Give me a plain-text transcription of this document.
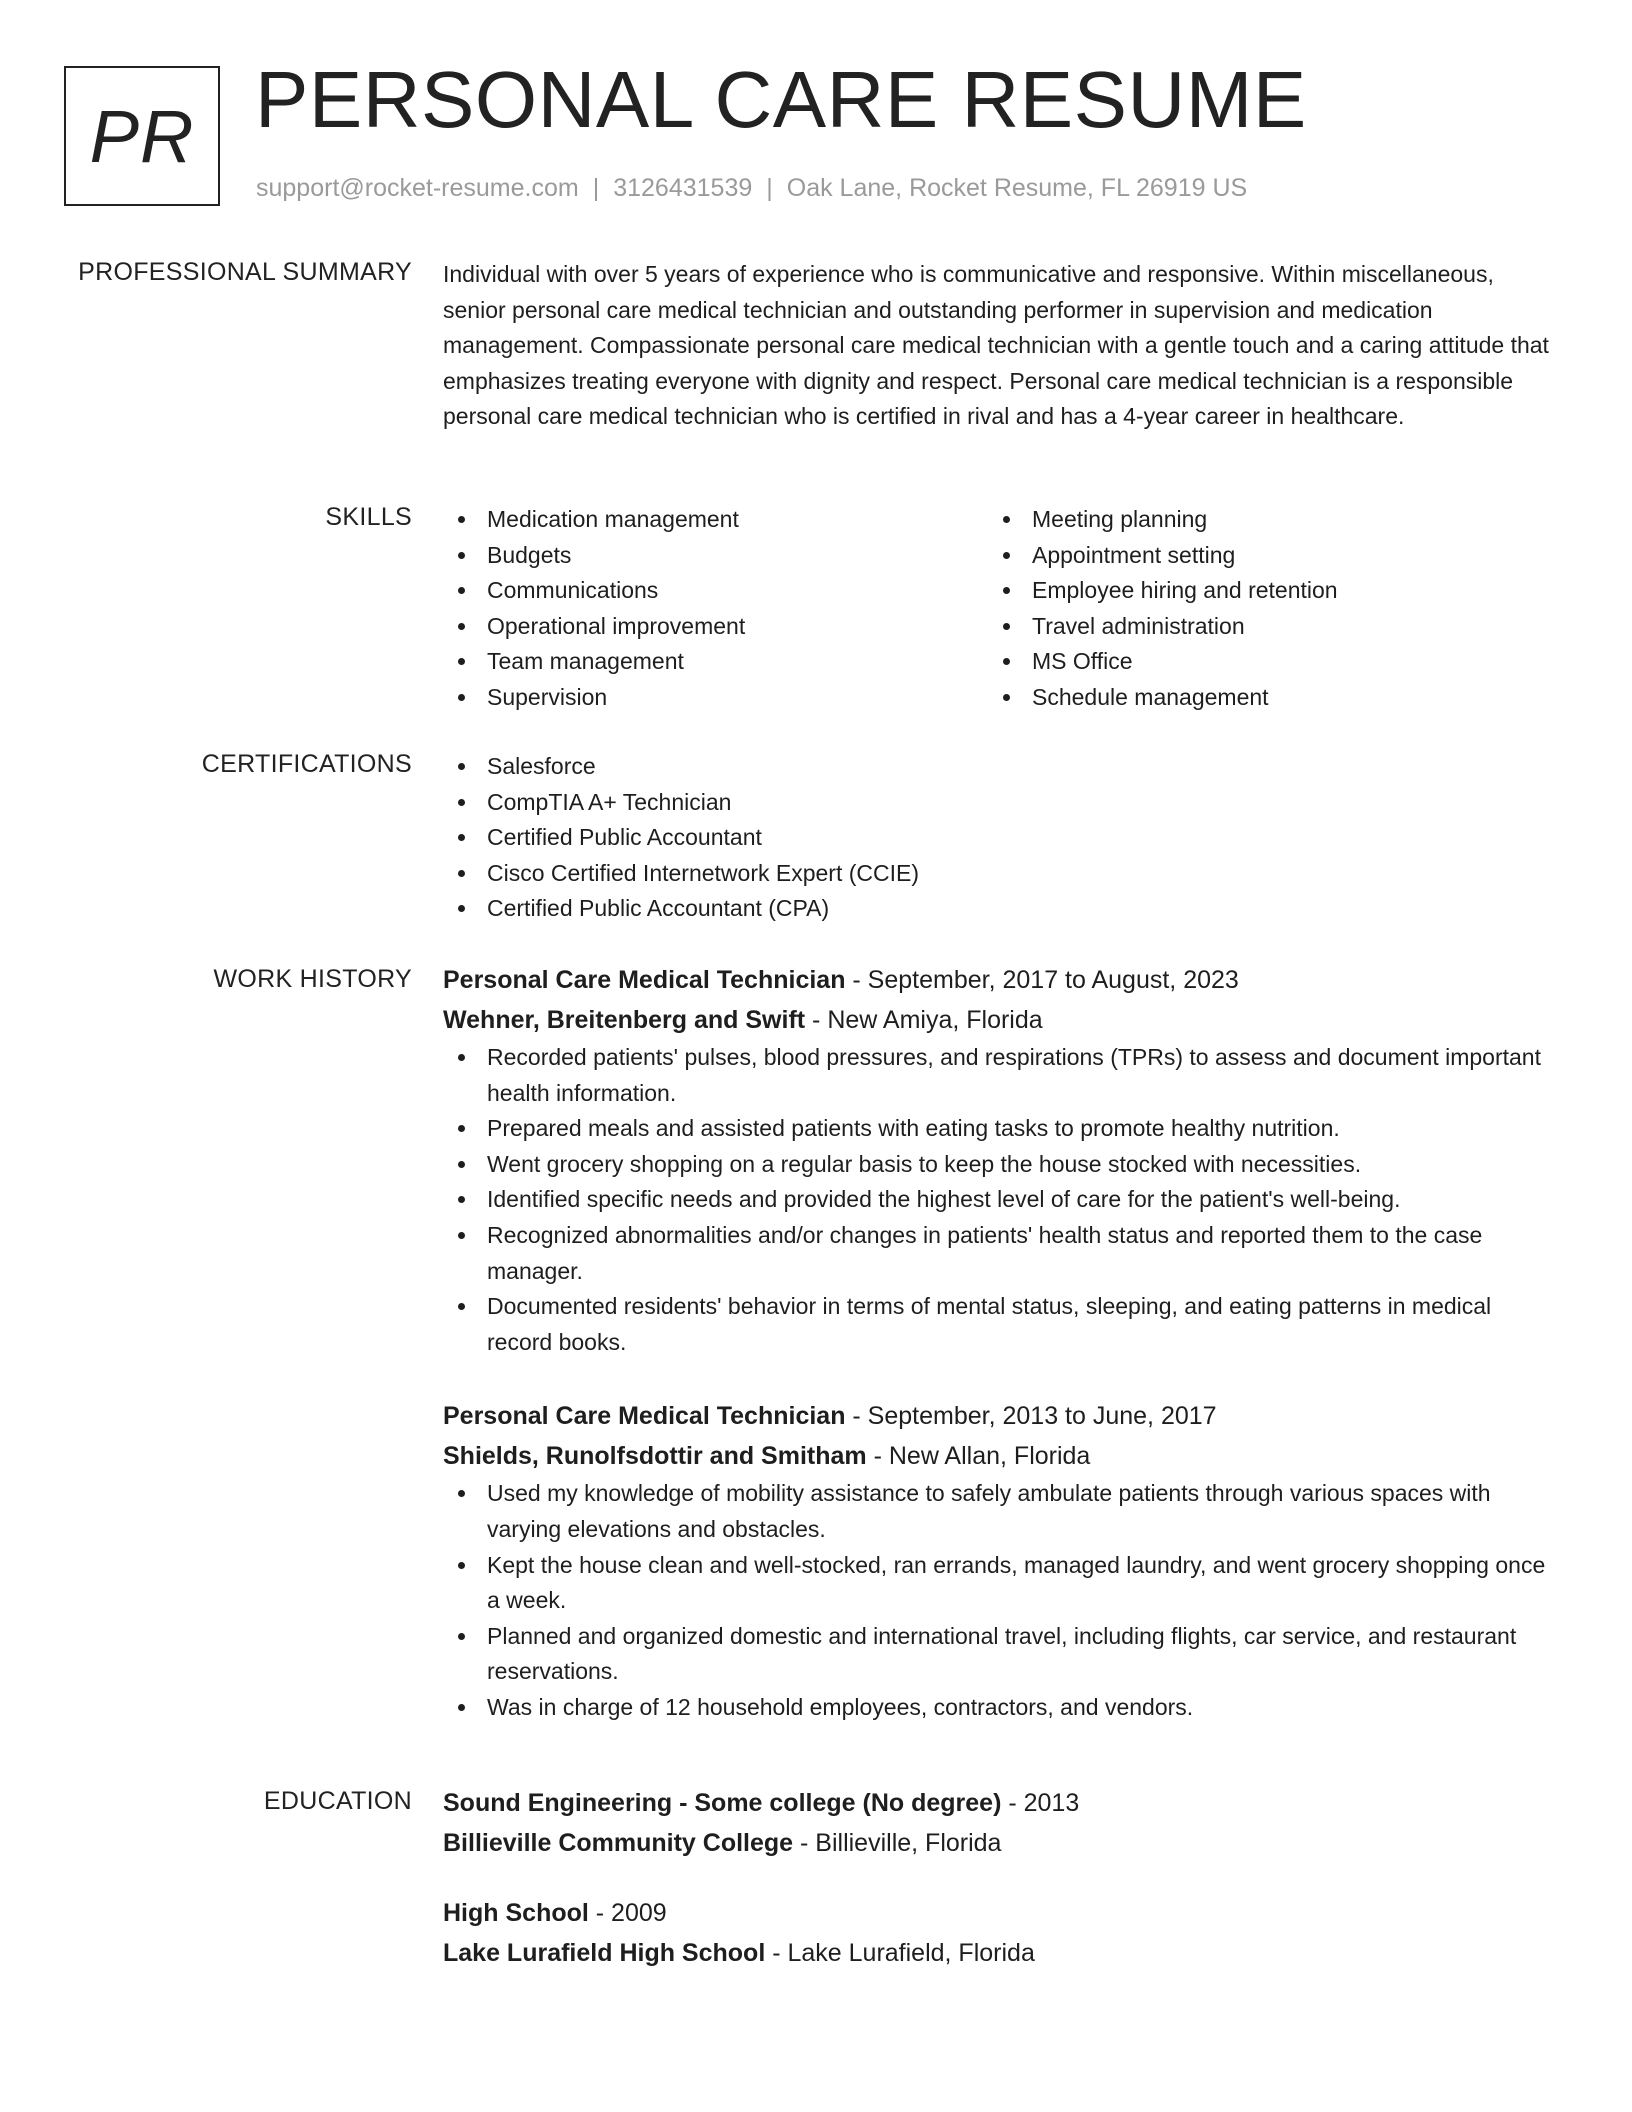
PR PERSONAL CARE RESUME
support@rocket-resume.com | 3126431539 | Oak Lane, Rocket Resume, FL 26919 US
PROFESSIONAL SUMMARY Individual with over 5 years of experience who is communicative and responsive. Within miscellaneous, senior personal care medical technician and outstanding performer in supervision and medication management. Compassionate personal care medical technician with a gentle touch and a caring attitude that emphasizes treating everyone with dignity and respect. Personal care medical technician is a responsible personal care medical technician who is certified in rival and has a 4-year career in healthcare.

SKILLS	Medication management
Budgets
Communications
Operational improvement
Team management
Supervision
Meeting planning
Appointment setting
Employee hiring and retention
Travel administration
MS Office
Schedule management
CERTIFICATIONS	Salesforce
CompTIA A+ Technician
Certified Public Accountant
Cisco Certified Internetwork Expert (CCIE)
Certified Public Accountant (CPA)
WORK HISTORY Personal Care Medical Technician - September, 2017 to August, 2023
Wehner, Breitenberg and Swift - New Amiya, Florida
Recorded patients' pulses, blood pressures, and respirations (TPRs) to assess and document important health information.
Prepared meals and assisted patients with eating tasks to promote healthy nutrition.
Went grocery shopping on a regular basis to keep the house stocked with necessities.
Identified specific needs and provided the highest level of care for the patient's well-being.
Recognized abnormalities and/or changes in patients' health status and reported them to the case manager.
Documented residents' behavior in terms of mental status, sleeping, and eating patterns in medical record books.
Personal Care Medical Technician - September, 2013 to June, 2017
Shields, Runolfsdottir and Smitham - New Allan, Florida
Used my knowledge of mobility assistance to safely ambulate patients through various spaces with varying elevations and obstacles.
Kept the house clean and well-stocked, ran errands, managed laundry, and went grocery shopping once a week.
Planned and organized domestic and international travel, including flights, car service, and restaurant reservations.
Was in charge of 12 household employees, contractors, and vendors.
EDUCATION Sound Engineering - Some college (No degree) - 2013
Billieville Community College - Billieville, Florida
High School - 2009
Lake Lurafield High School - Lake Lurafield, Florida
